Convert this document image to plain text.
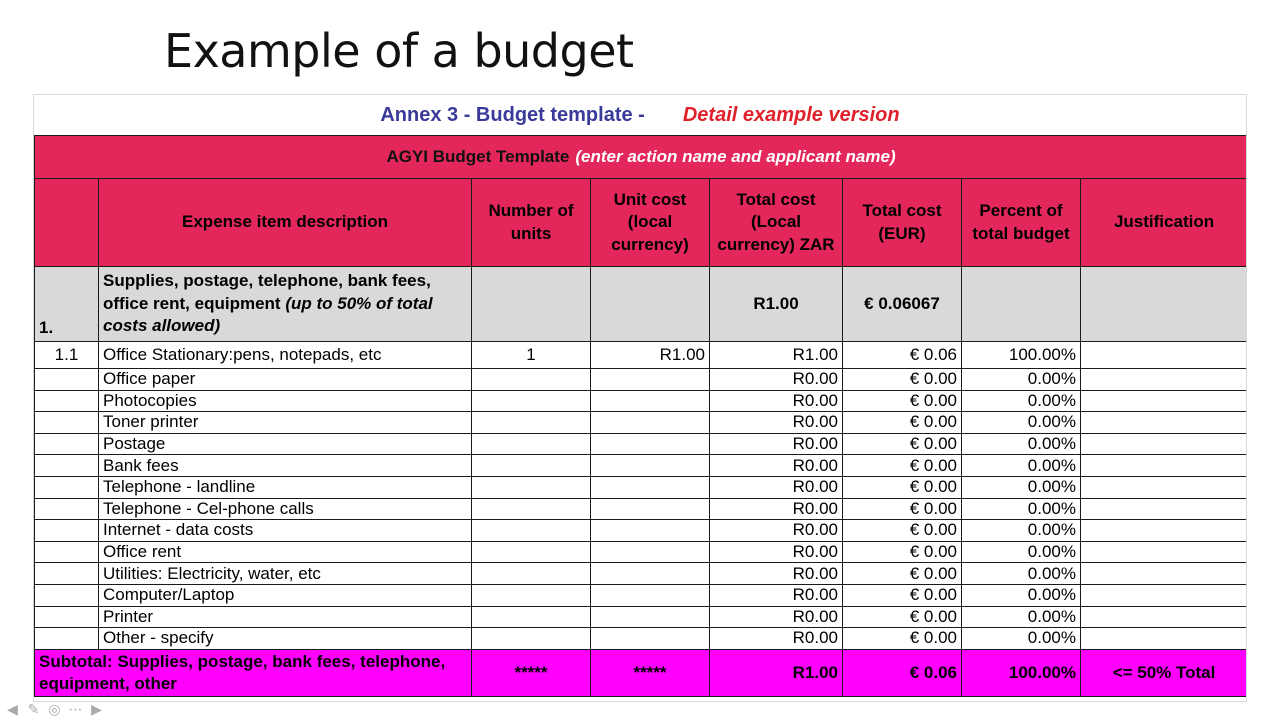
Example of a budget
Annex 3 - Budget template - Detail example version
AGYI Budget Template (enter action name and applicant name)							
	Expense item description	Number of units	Unit cost (local currency)	Total cost (Local currency) ZAR	Total cost (EUR)	Percent of total budget	Justification
1.	Supplies, postage, telephone, bank fees, office rent, equipment (up to 50% of total costs allowed)			R1.00	€ 0.06067		
1.1	Office Stationary:pens, notepads, etc	1	R1.00	R1.00	€ 0.06	100.00%	
	Office paper			R0.00	€ 0.00	0.00%	
	Photocopies			R0.00	€ 0.00	0.00%	
	Toner printer			R0.00	€ 0.00	0.00%	
	Postage			R0.00	€ 0.00	0.00%	
	Bank fees			R0.00	€ 0.00	0.00%	
	Telephone - landline			R0.00	€ 0.00	0.00%	
	Telephone - Cel-phone calls			R0.00	€ 0.00	0.00%	
	Internet - data costs			R0.00	€ 0.00	0.00%	
	Office rent			R0.00	€ 0.00	0.00%	
	Utilities: Electricity, water, etc			R0.00	€ 0.00	0.00%	
	Computer/Laptop			R0.00	€ 0.00	0.00%	
	Printer			R0.00	€ 0.00	0.00%	
	Other - specify			R0.00	€ 0.00	0.00%	
Subtotal: Supplies, postage, bank fees, telephone, equipment, other		*****	*****	R1.00	€ 0.06	100.00%	<= 50% Total
◀ ✎ ◎ ⋯ ▶
